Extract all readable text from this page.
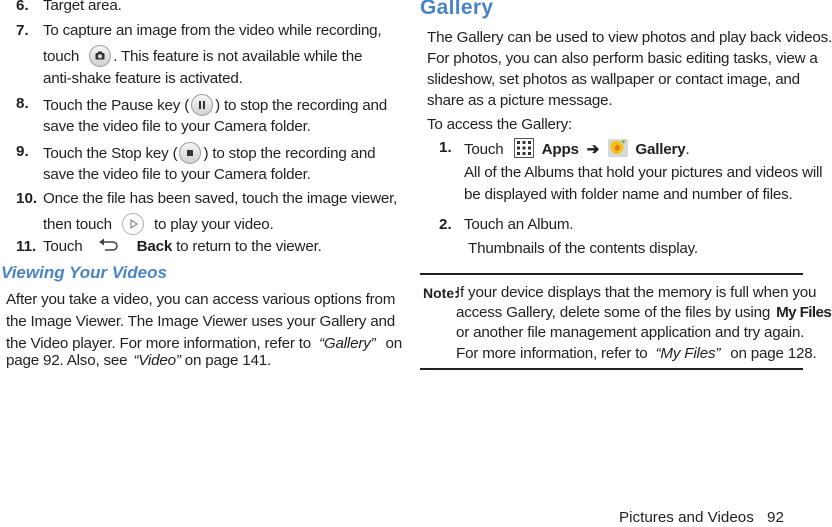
6. Target area.
7. To capture an image from the video while recording,
touch . This feature is not available while the
anti-shake feature is activated.
8. Touch the Pause key ( ) to stop the recording and
save the video file to your Camera folder.
9. Touch the Stop key ( ) to stop the recording and
save the video file to your Camera folder.
10. Once the file has been saved, touch the image viewer,
then touch	to play your video.
11. Touch	Back to return to the viewer.
Viewing Your Videos
After you take a video, you can access various options from
the Image Viewer. The Image Viewer uses your Gallery and
the Video player. For more information, refer to “Gallery” on
page 92. Also, see “Video” on page 141.
Gallery
The Gallery can be used to view photos and play back videos.
For photos, you can also perform basic editing tasks, view a
slideshow, set photos as wallpaper or contact image, and
share as a picture message.
To access the Gallery:
1. Touch	Apps ➔ Gallery.
All of the Albums that hold your pictures and videos will
be displayed with folder name and number of files.
2. Touch an Album.
Thumbnails of the contents display.
Note:
If your device displays that the memory is full when you
access Gallery, delete some of the files by using My Files
or another file management application and try again.
For more information, refer to “My Files” on page 128.
Pictures and Videos 92
